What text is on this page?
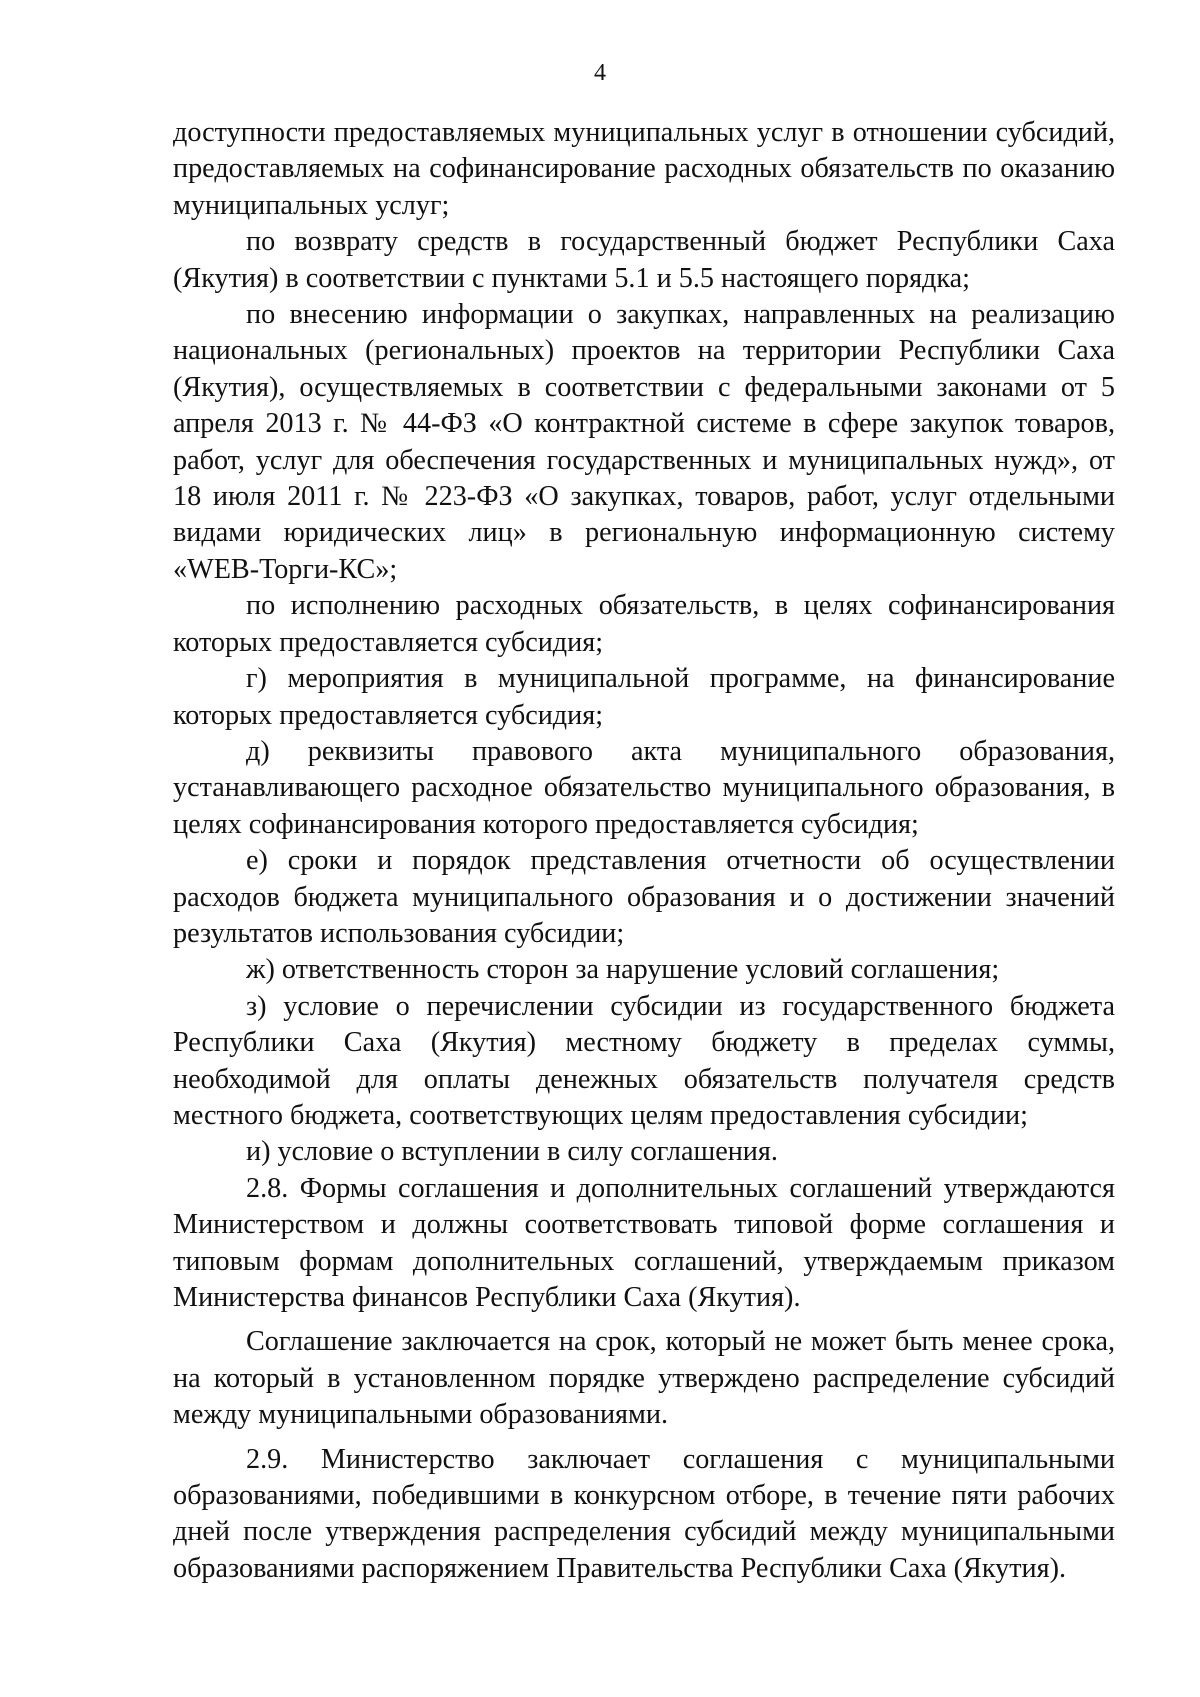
4

доступности предоставляемых муниципальных услуг в отношении субсидий, предоставляемых на софинансирование расходных обязательств по оказанию муниципальных услуг;

по возврату средств в государственный бюджет Республики Саха (Якутия) в соответствии с пунктами 5.1 и 5.5 настоящего порядка;

по внесению информации о закупках, направленных на реализацию национальных (региональных) проектов на территории Республики Саха (Якутия), осуществляемых в соответствии с федеральными законами от 5 апреля 2013 г. № 44-ФЗ «О контрактной системе в сфере закупок товаров, работ, услуг для обеспечения государственных и муниципальных нужд», от 18 июля 2011 г. № 223-ФЗ «О закупках, товаров, работ, услуг отдельными видами юридических лиц» в региональную информационную систему «WEB-Торги-КС»;

по исполнению расходных обязательств, в целях софинансирования которых предоставляется субсидия;

г) мероприятия в муниципальной программе, на финансирование которых предоставляется субсидия;

д) реквизиты правового акта муниципального образования, устанавливающего расходное обязательство муниципального образования, в целях софинансирования которого предоставляется субсидия;

е) сроки и порядок представления отчетности об осуществлении расходов бюджета муниципального образования и о достижении значений результатов использования субсидии;

ж) ответственность сторон за нарушение условий соглашения;

з) условие о перечислении субсидии из государственного бюджета Республики Саха (Якутия) местному бюджету в пределах суммы, необходимой для оплаты денежных обязательств получателя средств местного бюджета, соответствующих целям предоставления субсидии;

и) условие о вступлении в силу соглашения.

2.8. Формы соглашения и дополнительных соглашений утверждаются Министерством и должны соответствовать типовой форме соглашения и типовым формам дополнительных соглашений, утверждаемым приказом Министерства финансов Республики Саха (Якутия).

Соглашение заключается на срок, который не может быть менее срока, на который в установленном порядке утверждено распределение субсидий между муниципальными образованиями.

2.9. Министерство заключает соглашения с муниципальными образованиями, победившими в конкурсном отборе, в течение пяти рабочих дней после утверждения распределения субсидий между муниципальными образованиями распоряжением Правительства Республики Саха (Якутия).
